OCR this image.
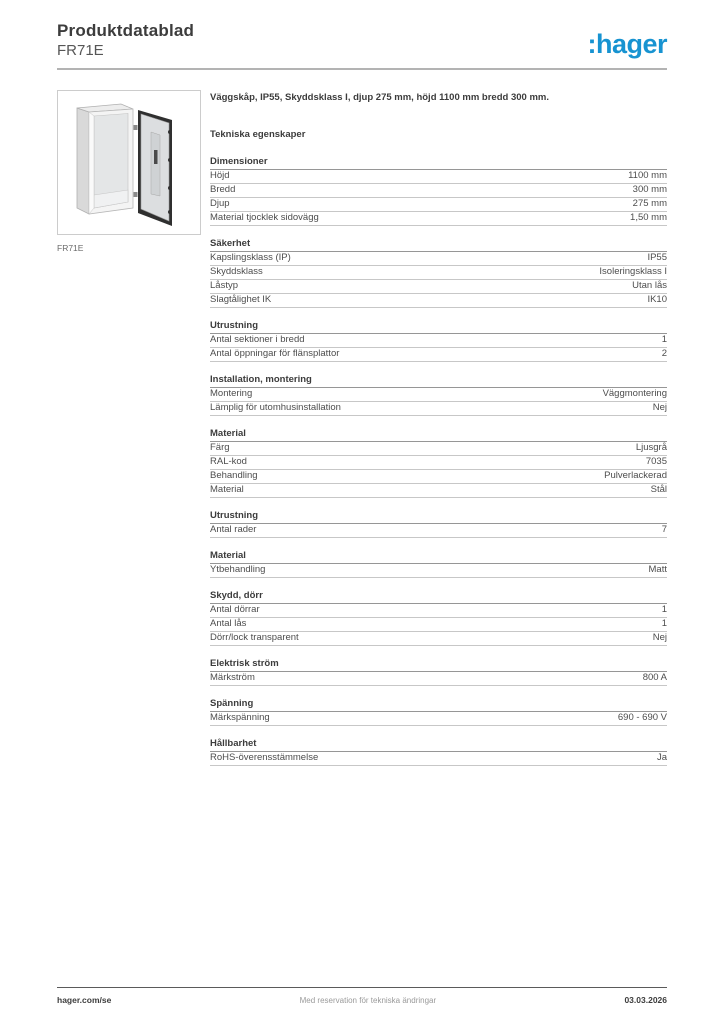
Produktdatablad
FR71E	:hager
FR71E
Väggskåp, IP55, Skyddsklass I, djup 275 mm, höjd 1100 mm bredd 300 mm.
Tekniska egenskaper
Dimensioner
Höjd	1100 mm
Bredd	300 mm
Djup	275 mm
Material tjocklek sidovägg	1,50 mm
Säkerhet
Kapslingsklass (IP)	IP55
Skyddsklass	Isoleringsklass I
Låstyp	Utan lås
Slagtålighet IK	IK10
Utrustning
Antal sektioner i bredd	1
Antal öppningar för flänsplattor	2
Installation, montering
Montering	Väggmontering
Lämplig för utomhusinstallation	Nej
Material
Färg	Ljusgrå
RAL-kod	7035
Behandling	Pulverlackerad
Material	Stål
Utrustning
Antal rader	7
Material
Ytbehandling	Matt
Skydd, dörr
Antal dörrar	1
Antal lås	1
Dörr/lock transparent	Nej
Elektrisk ström
Märkström	800 A
Spänning
Märkspänning	690 - 690 V
Hållbarhet
RoHS-överensstämmelse	Ja
hager.com/se	Med reservation för tekniska ändringar	03.03.2026
